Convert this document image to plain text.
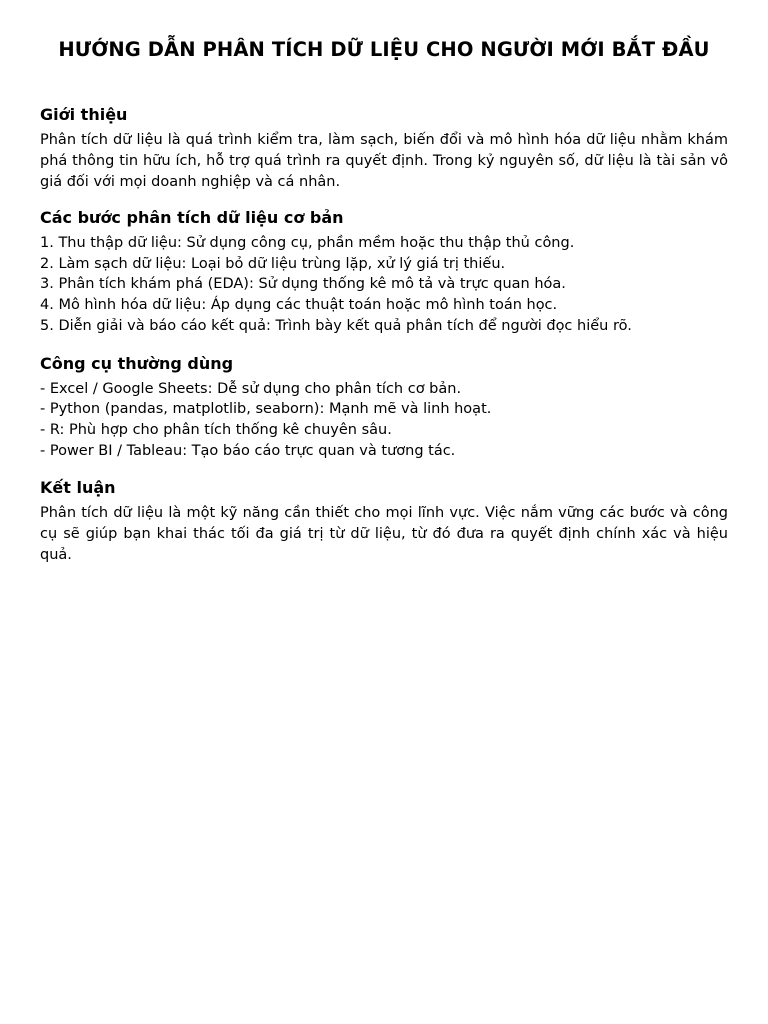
HƯỚNG DẪN PHÂN TÍCH DỮ LIỆU CHO NGƯỜI MỚI BẮT ĐẦU
Giới thiệu

Phân tích dữ liệu là quá trình kiểm tra, làm sạch, biến đổi và mô hình hóa dữ liệu nhằm khám phá thông tin hữu ích, hỗ trợ quá trình ra quyết định. Trong kỷ nguyên số, dữ liệu là tài sản vô giá đối với mọi doanh nghiệp và cá nhân.

Các bước phân tích dữ liệu cơ bản
1. Thu thập dữ liệu: Sử dụng công cụ, phần mềm hoặc thu thập thủ công.
2. Làm sạch dữ liệu: Loại bỏ dữ liệu trùng lặp, xử lý giá trị thiếu.
3. Phân tích khám phá (EDA): Sử dụng thống kê mô tả và trực quan hóa.
4. Mô hình hóa dữ liệu: Áp dụng các thuật toán hoặc mô hình toán học.
5. Diễn giải và báo cáo kết quả: Trình bày kết quả phân tích để người đọc hiểu rõ.
Công cụ thường dùng
- Excel / Google Sheets: Dễ sử dụng cho phân tích cơ bản.
- Python (pandas, matplotlib, seaborn): Mạnh mẽ và linh hoạt.
- R: Phù hợp cho phân tích thống kê chuyên sâu.
- Power BI / Tableau: Tạo báo cáo trực quan và tương tác.
Kết luận

Phân tích dữ liệu là một kỹ năng cần thiết cho mọi lĩnh vực. Việc nắm vững các bước và công cụ sẽ giúp bạn khai thác tối đa giá trị từ dữ liệu, từ đó đưa ra quyết định chính xác và hiệu quả.
